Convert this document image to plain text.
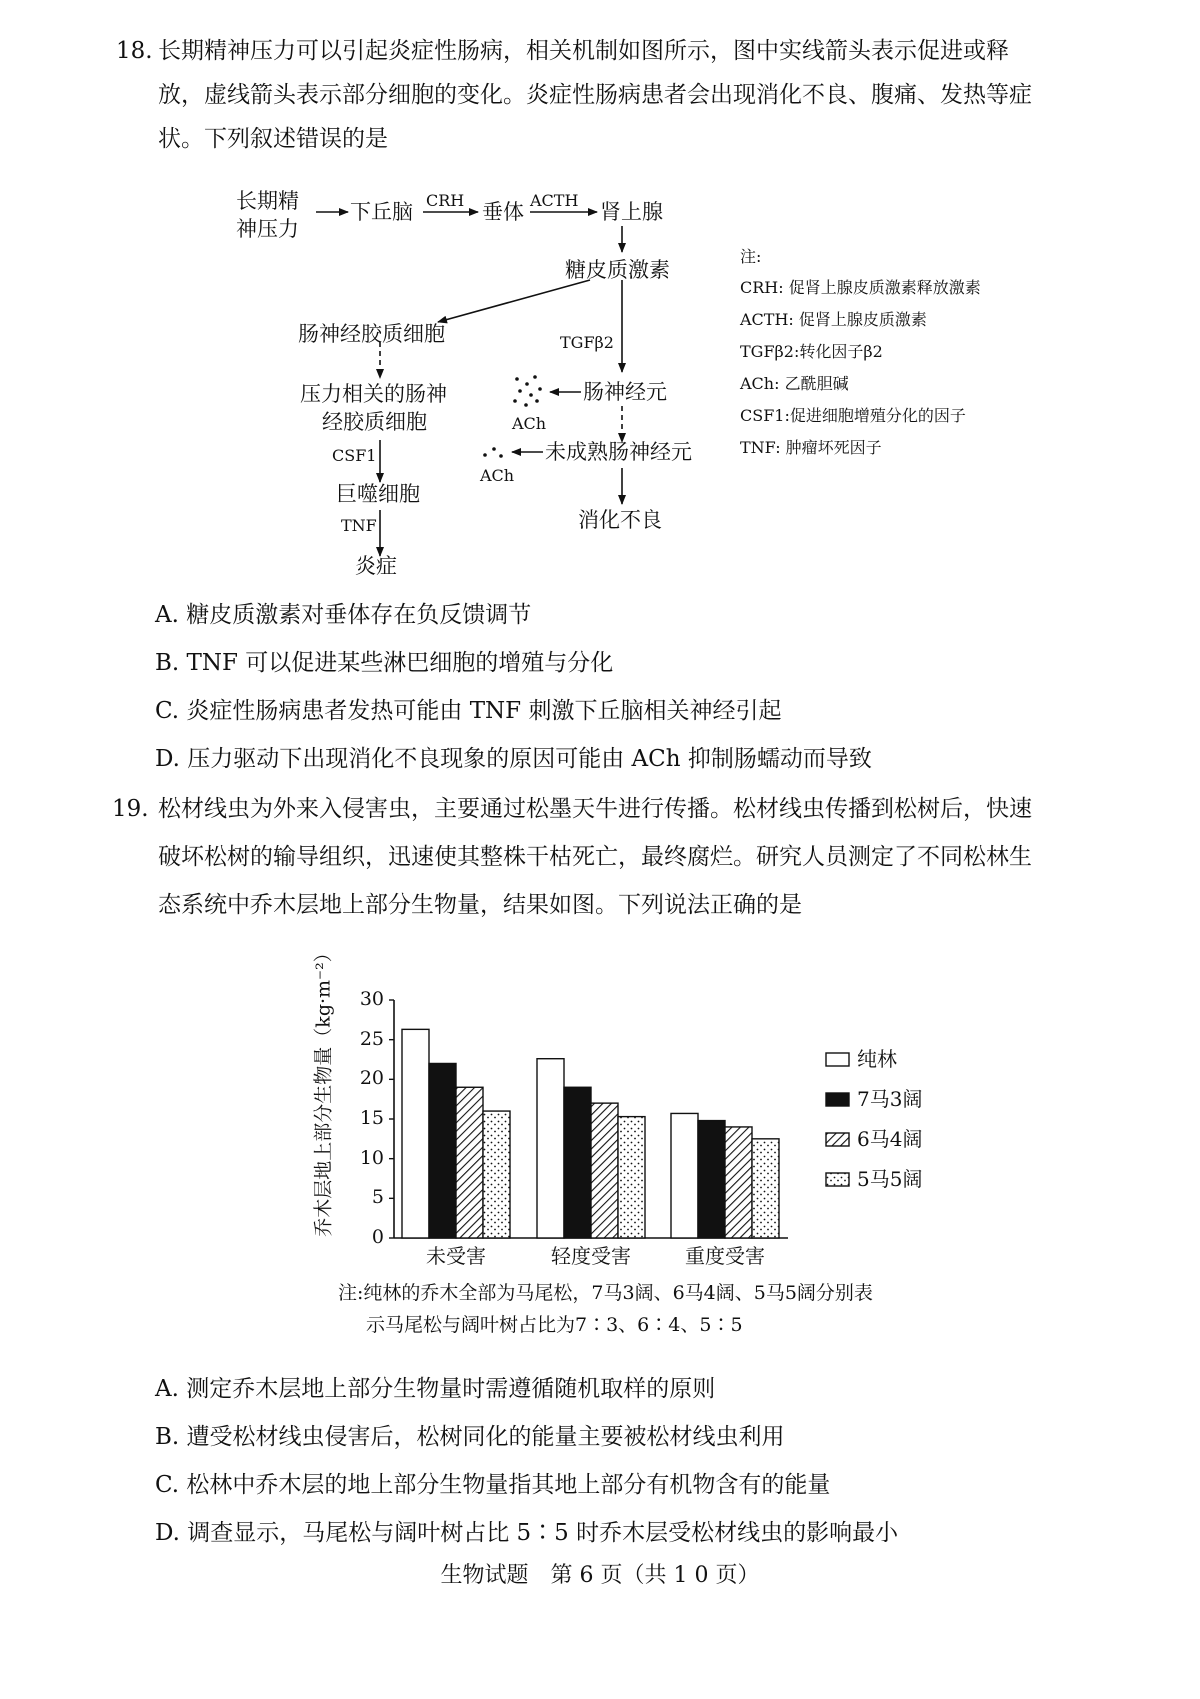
18. 长期精神压力可以引起炎症性肠病，相关机制如图所示，图中实线箭头表示促进或释
放，虚线箭头表示部分细胞的变化。炎症性肠病患者会出现消化不良、腹痛、发热等症
状。下列叙述错误的是
长期精
神压力
下丘脑 CRH 垂体 ACTH 肾上腺
糖皮质激素
肠神经胶质细胞	TGFβ2
压力相关的肠神
经胶质细胞
肠神经元
ACh
CSF1	未成熟肠神经元
ACh
巨噬细胞
TNF	消化不良
炎症
注:
CRH: 促肾上腺皮质激素释放激素
ACTH: 促肾上腺皮质激素
TGFβ2:转化因子β2
ACh: 乙酰胆碱
CSF1:促进细胞增殖分化的因子
TNF: 肿瘤坏死因子
A. 糖皮质激素对垂体存在负反馈调节
B. TNF 可以促进某些淋巴细胞的增殖与分化
C. 炎症性肠病患者发热可能由 TNF 刺激下丘脑相关神经引起
D. 压力驱动下出现消化不良现象的原因可能由 ACh 抑制肠蠕动而导致
19. 松材线虫为外来入侵害虫，主要通过松墨天牛进行传播。松材线虫传播到松树后，快速
破坏松树的输导组织，迅速使其整株干枯死亡，最终腐烂。研究人员测定了不同松林生
态系统中乔木层地上部分生物量，结果如图。下列说法正确的是
乔木层地上部分生物量（kg·m⁻²）
0
5
10
15
20
25
30
未受害	轻度受害	重度受害
纯林
7马3阔
6马4阔
5马5阔
注:纯林的乔木全部为马尾松，7马3阔、6马4阔、5马5阔分别表
示马尾松与阔叶树占比为7∶3、6∶4、5∶5
A. 测定乔木层地上部分生物量时需遵循随机取样的原则
B. 遭受松材线虫侵害后，松树同化的能量主要被松材线虫利用
C. 松林中乔木层的地上部分生物量指其地上部分有机物含有的能量
D. 调查显示，马尾松与阔叶树占比 5∶5 时乔木层受松材线虫的影响最小
生物试题　第 6 页（共 1 0 页）
